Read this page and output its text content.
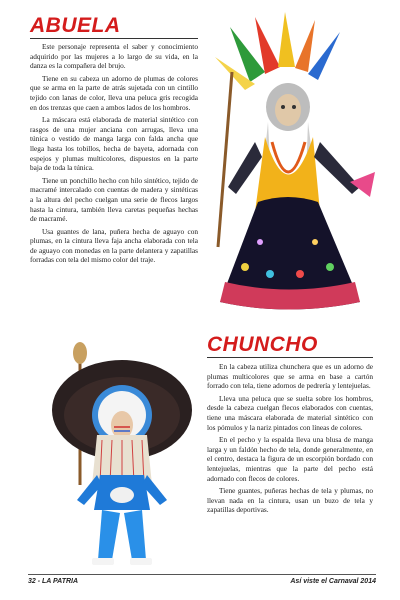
ABUELA

Este personaje representa el saber y conocimiento adquirido por las mujeres a lo largo de su vida, en la danza es la compañera del brujo.

Tiene en su cabeza un adorno de plumas de colores que se arma en la parte de atrás sujetada con un cintillo tejido con lanas de color, lleva una peluca gris recogida en dos trenzas que caen a ambos lados de los hombros.

La máscara está elaborada de material sintético con rasgos de una mujer anciana con arrugas, lleva una túnica o vestido de manga larga con falda ancha que llega hasta los tobillos, hecha de bayeta, adornada con espejos y plumas multicolores, dispuestos en la parte baja de toda la túnica.

Tiene un ponchillo hecho con hilo sintético, tejido de macramé intercalado con cuentas de madera y sintéticas a la altura del pecho cuelgan una serie de flecos largos hasta la cintura, también lleva caretas pequeñas hechas de macramé.

Usa guantes de lana, puñera hecha de aguayo con plumas, en la cintura lleva faja ancha elaborada con tela de aguayo con monedas en la parte delantera y zapatillas forradas con tela del mismo color del traje.

CHUNCHO

En la cabeza utiliza chunchera que es un adorno de plumas multicolores que se arma en base a cartón forrado con tela, tiene adornos de pedrería y lentejuelas.

Lleva una peluca que se suelta sobre los hombros, desde la cabeza cuelgan flecos elaborados con cuentas, tiene una máscara elaborada de material sintético con los pómulos y la nariz pintados con líneas de colores.

En el pecho y la espalda lleva una blusa de manga larga y un faldón hecho de tela, donde generalmente, en el centro, destaca la figura de un escorpión bordado con lentejuelas, mientras que la parte del pecho está adornado con flecos de colores.

Tiene guantes, puñeras hechas de tela y plumas, no llevan nada en la cintura, usan un buzo de tela y zapatillas deportivas.

32 - LA PATRIA	Así viste el Carnaval 2014
